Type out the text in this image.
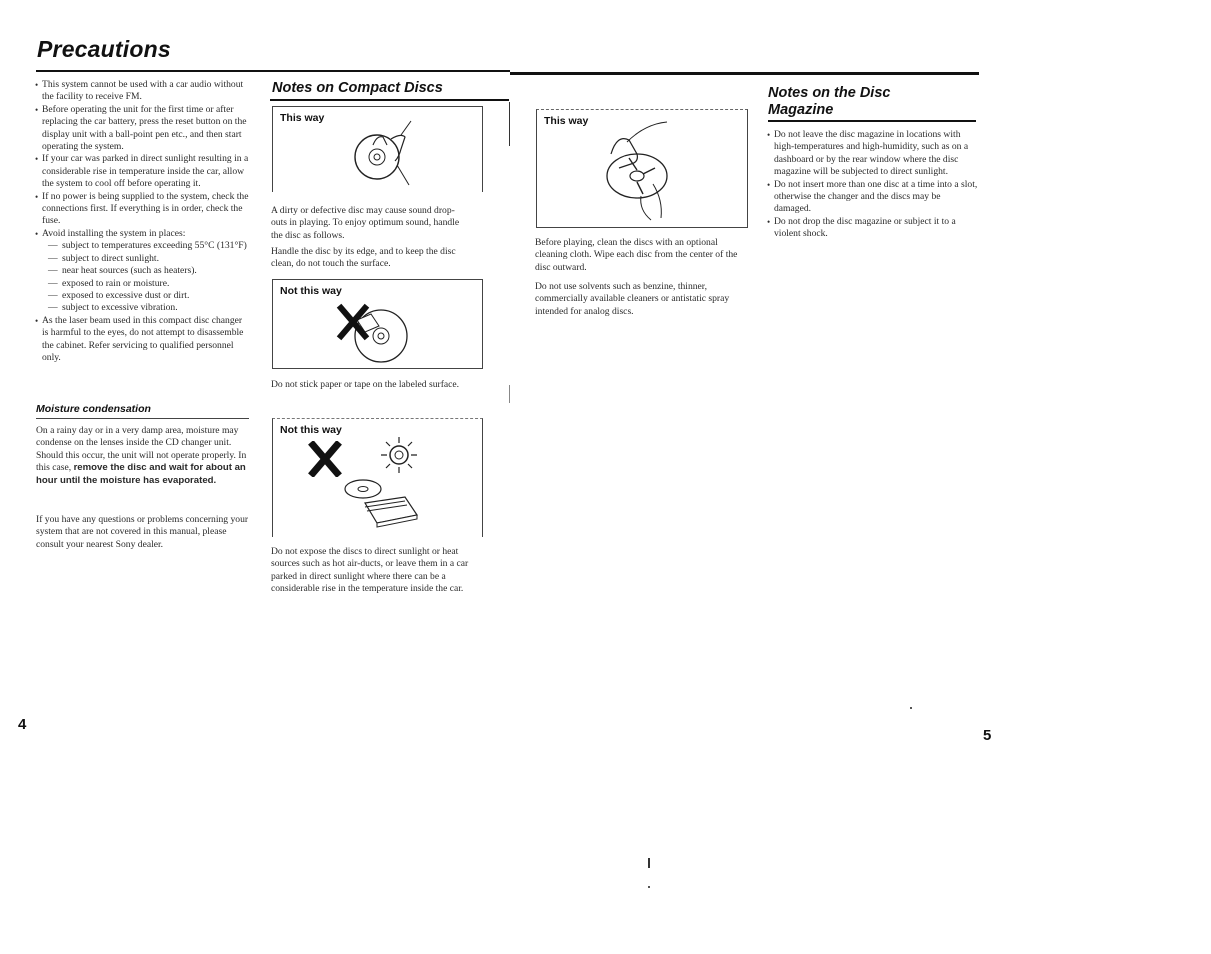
Precautions
• This system cannot be used with a car audio without the facility to receive FM.
• Before operating the unit for the first time or after replacing the car battery, press the reset button on the display unit with a ball-point pen etc., and then start operating the system.
• If your car was parked in direct sunlight resulting in a considerable rise in temperature inside the car, allow the system to cool off before operating it.
• If no power is being supplied to the system, check the connections first. If everything is in order, check the fuse.
• Avoid installing the system in places:
— subject to temperatures exceeding 55°C (131°F)
— subject to direct sunlight.
— near heat sources (such as heaters).
— exposed to rain or moisture.
— exposed to excessive dust or dirt.
— subject to excessive vibration.
• As the laser beam used in this compact disc changer is harmful to the eyes, do not attempt to disassemble the cabinet. Refer servicing to qualified personnel only.
Moisture condensation
On a rainy day or in a very damp area, moisture may condense on the lenses inside the CD changer unit. Should this occur, the unit will not operate properly. In this case, remove the disc and wait for about an hour until the moisture has evaporated.
If you have any questions or problems concerning your system that are not covered in this manual, please consult your nearest Sony dealer.
Notes on Compact Discs
This way
A dirty or defective disc may cause sound drop-outs in playing. To enjoy optimum sound, handle the disc as follows.
Handle the disc by its edge, and to keep the disc clean, do not touch the surface.
Not this way
Do not stick paper or tape on the labeled surface.
Not this way
Do not expose the discs to direct sunlight or heat sources such as hot air-ducts, or leave them in a car parked in direct sunlight where there can be a considerable rise in the temperature inside the car.
This way
Before playing, clean the discs with an optional cleaning cloth. Wipe each disc from the center of the disc outward.
Do not use solvents such as benzine, thinner, commercially available cleaners or antistatic spray intended for analog discs.
Notes on the Disc
Magazine
• Do not leave the disc magazine in locations with high-temperatures and high-humidity, such as on a dashboard or by the rear window where the disc magazine will be subjected to direct sunlight.
• Do not insert more than one disc at a time into a slot, otherwise the changer and the discs may be damaged.
• Do not drop the disc magazine or subject it to a violent shock.
4
5
